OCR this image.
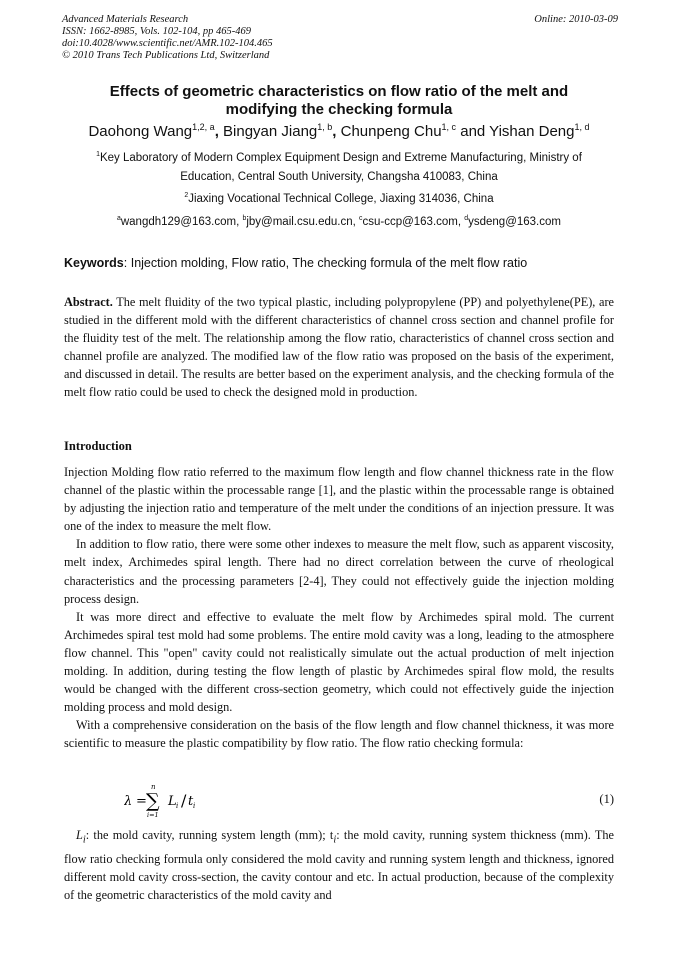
Advanced Materials Research
ISSN: 1662-8985, Vols. 102-104, pp 465-469
doi:10.4028/www.scientific.net/AMR.102-104.465
© 2010 Trans Tech Publications Ltd, Switzerland
Online: 2010-03-09
Effects of geometric characteristics on flow ratio of the melt and
modifying the checking formula
Daohong Wang$^{1,2, a}$, Bingyan Jiang$^{1, b}$, Chunpeng Chu$^{1, c}$ and Yishan Deng$^{1, d}$
$^1$Key Laboratory of Modern Complex Equipment Design and Extreme Manufacturing, Ministry of
Education, Central South University, Changsha 410083, China
$^2$Jiaxing Vocational Technical College, Jiaxing 314036, China
$^a$wangdh129@163.com, $^b$jby@mail.csu.edu.cn, $^c$csu-ccp@163.com, $^d$ysdeng@163.com
Keywords: Injection molding, Flow ratio, The checking formula of the melt flow ratio
Abstract. The melt fluidity of the two typical plastic, including polypropylene (PP) and polyethylene(PE), are studied in the different mold with the different characteristics of channel cross section and channel profile for the fluidity test of the melt. The relationship among the flow ratio, characteristics of channel cross section and channel profile are analyzed. The modified law of the flow ratio was proposed on the basis of the experiment, and discussed in detail. The results are better based on the experiment analysis, and the checking formula of the melt flow ratio could be used to check the designed mold in production.
Introduction

Injection Molding flow ratio referred to the maximum flow length and flow channel thickness rate in the flow channel of the plastic within the processable range [1], and the plastic within the processable range is obtained by adjusting the injection ratio and temperature of the melt under the conditions of an injection pressure. It was one of the index to measure the melt flow.

In addition to flow ratio, there were some other indexes to measure the melt flow, such as apparent viscosity, melt index, Archimedes spiral length. There had no direct correlation between the curve of rheological characteristics and the processing parameters [2-4], They could not effectively guide the injection molding process design.

It was more direct and effective to evaluate the melt flow by Archimedes spiral mold. The current Archimedes spiral test mold had some problems. The entire mold cavity was a long, leading to the atmosphere flow channel. This "open" cavity could not realistically simulate out the actual production of melt injection molding. In addition, during testing the flow length of plastic by Archimedes spiral flow mold, the results would be changed with the different cross-section geometry, which could not effectively guide the injection molding process and mold design.

With a comprehensive consideration on the basis of the flow length and flow channel thickness, it was more scientific to measure the plastic compatibility by flow ratio. The flow ratio checking formula:

λ =
n
∑
i=1
L i / t i	(1)

$L_i$: the mold cavity, running system length (mm); $t_i$: the mold cavity, running system thickness (mm). The flow ratio checking formula only considered the mold cavity and running system length and thickness, ignored different mold cavity cross-section, the cavity contour and etc. In actual production, because of the complexity of the geometric characteristics of the mold cavity and
